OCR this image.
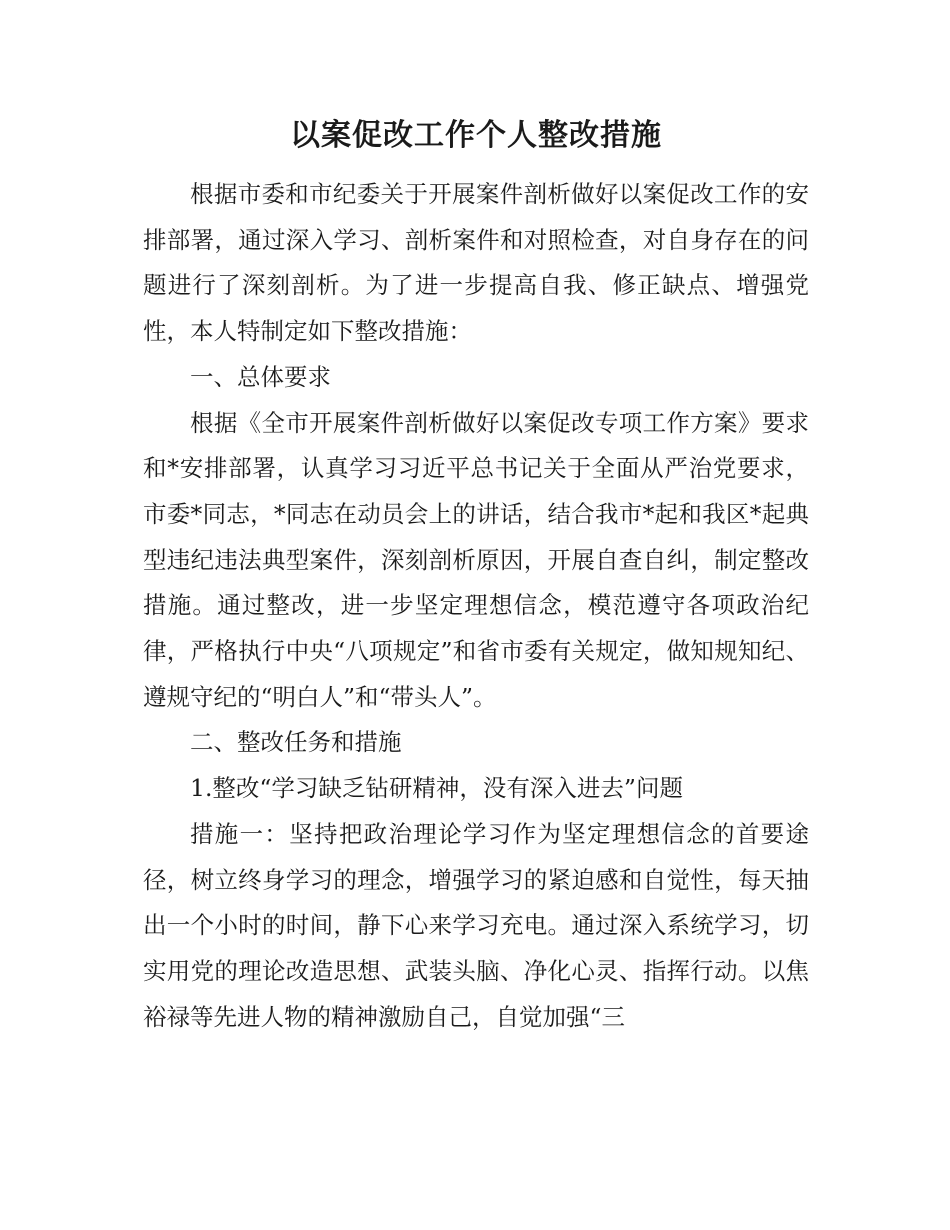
以案促改工作个人整改措施

根据市委和市纪委关于开展案件剖析做好以案促改工作的安排部署，通过深入学习、剖析案件和对照检查，对自身存在的问题进行了深刻剖析。为了进一步提高自我、修正缺点、增强党性，本人特制定如下整改措施：

一、总体要求

根据《全市开展案件剖析做好以案促改专项工作方案》要求和*安排部署，认真学习习近平总书记关于全面从严治党要求，市委*同志，*同志在动员会上的讲话，结合我市*起和我区*起典型违纪违法典型案件，深刻剖析原因，开展自查自纠，制定整改措施。通过整改，进一步坚定理想信念，模范遵守各项政治纪律，严格执行中央“八项规定”和省市委有关规定，做知规知纪、遵规守纪的“明白人”和“带头人”。

二、整改任务和措施

1.整改“学习缺乏钻研精神，没有深入进去”问题

措施一：坚持把政治理论学习作为坚定理想信念的首要途径，树立终身学习的理念，增强学习的紧迫感和自觉性，每天抽出一个小时的时间，静下心来学习充电。通过深入系统学习，切实用党的理论改造思想、武装头脑、净化心灵、指挥行动。以焦裕禄等先进人物的精神激励自己，自觉加强“三
